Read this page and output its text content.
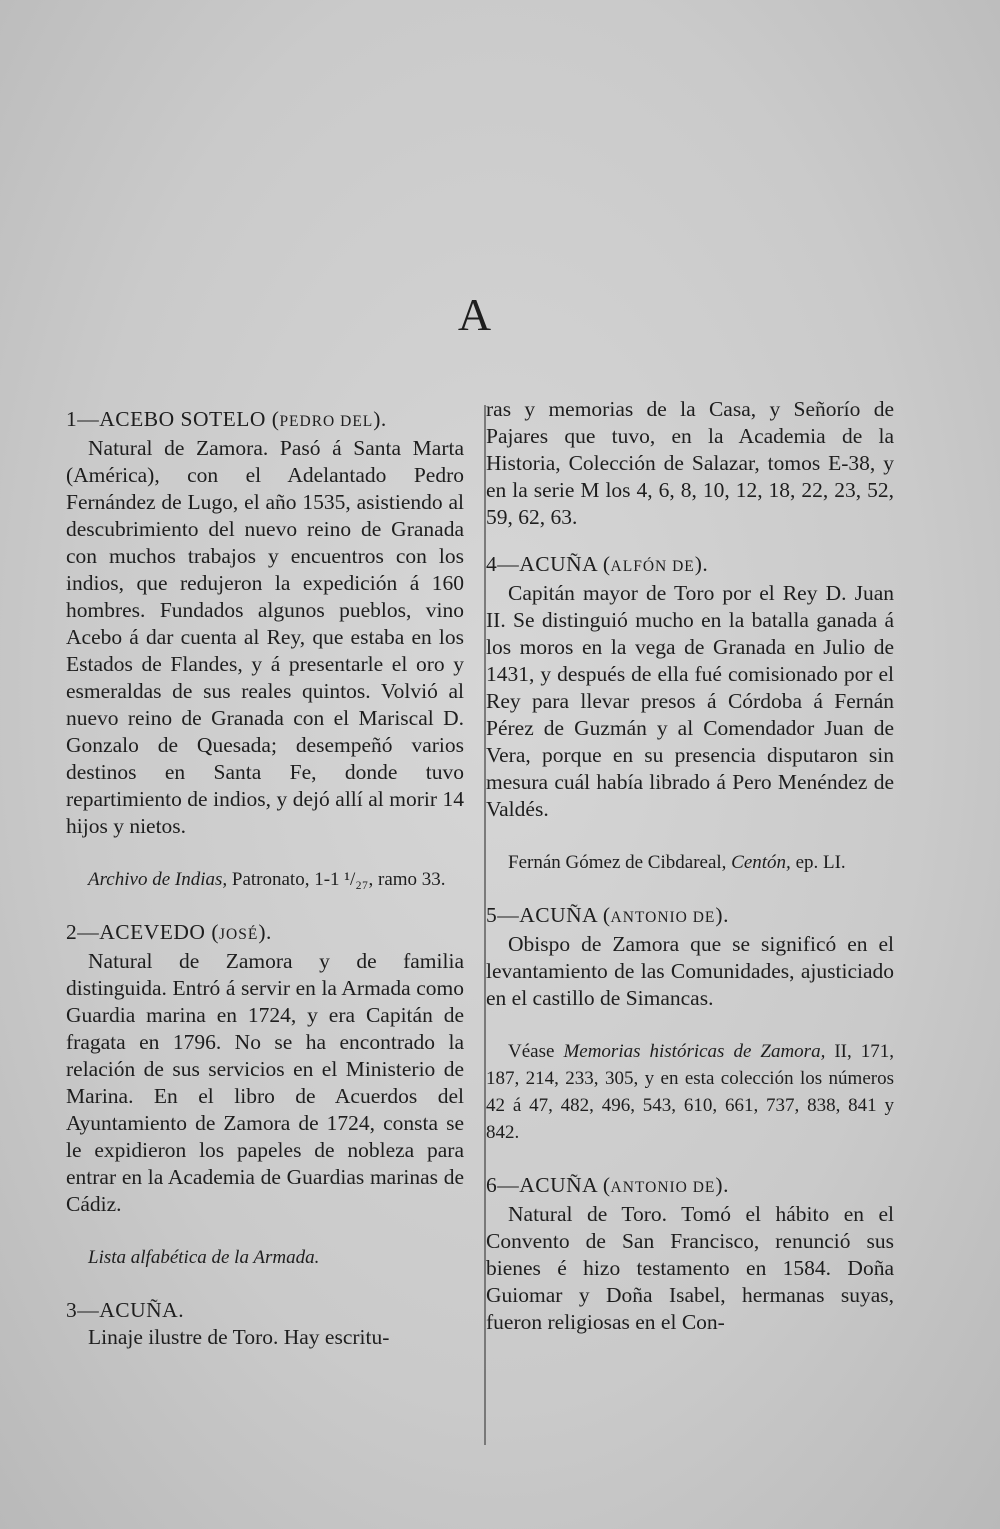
A

1—ACEBO SOTELO (PEDRO DEL).

Natural de Zamora. Pasó á Santa Marta (América), con el Adelantado Pedro Fernández de Lugo, el año 1535, asistiendo al descubrimiento del nuevo reino de Granada con muchos trabajos y encuentros con los indios, que redujeron la expedición á 160 hombres. Fundados algunos pueblos, vino Acebo á dar cuenta al Rey, que estaba en los Estados de Flandes, y á presentarle el oro y esmeraldas de sus reales quintos. Volvió al nuevo reino de Granada con el Mariscal D. Gonzalo de Quesada; desempeñó varios destinos en Santa Fe, donde tuvo repartimiento de indios, y dejó allí al morir 14 hijos y nietos.

Archivo de Indias, Patronato, 1-1 ¹/₂₇, ramo 33.

2—ACEVEDO (JOSÉ).

Natural de Zamora y de familia distinguida. Entró á servir en la Armada como Guardia marina en 1724, y era Capitán de fragata en 1796. No se ha encontrado la relación de sus servicios en el Ministerio de Marina. En el libro de Acuerdos del Ayuntamiento de Zamora de 1724, consta se le expidieron los papeles de nobleza para entrar en la Academia de Guardias marinas de Cádiz.

Lista alfabética de la Armada.

3—ACUÑA.

Linaje ilustre de Toro. Hay escritu-

ras y memorias de la Casa, y Señorío de Pajares que tuvo, en la Academia de la Historia, Colección de Salazar, tomos E-38, y en la serie M los 4, 6, 8, 10, 12, 18, 22, 23, 52, 59, 62, 63.

4—ACUÑA (ALFÓN DE).

Capitán mayor de Toro por el Rey D. Juan II. Se distinguió mucho en la batalla ganada á los moros en la vega de Granada en Julio de 1431, y después de ella fué comisionado por el Rey para llevar presos á Córdoba á Fernán Pérez de Guzmán y al Comendador Juan de Vera, porque en su presencia disputaron sin mesura cuál había librado á Pero Menéndez de Valdés.

Fernán Gómez de Cibdareal, Centón, ep. LI.

5—ACUÑA (ANTONIO DE).

Obispo de Zamora que se significó en el levantamiento de las Comunidades, ajusticiado en el castillo de Simancas.

Véase Memorias históricas de Zamora, II, 171, 187, 214, 233, 305, y en esta colección los números 42 á 47, 482, 496, 543, 610, 661, 737, 838, 841 y 842.

6—ACUÑA (ANTONIO DE).

Natural de Toro. Tomó el hábito en el Convento de San Francisco, renunció sus bienes é hizo testamento en 1584. Doña Guiomar y Doña Isabel, hermanas suyas, fueron religiosas en el Con-
